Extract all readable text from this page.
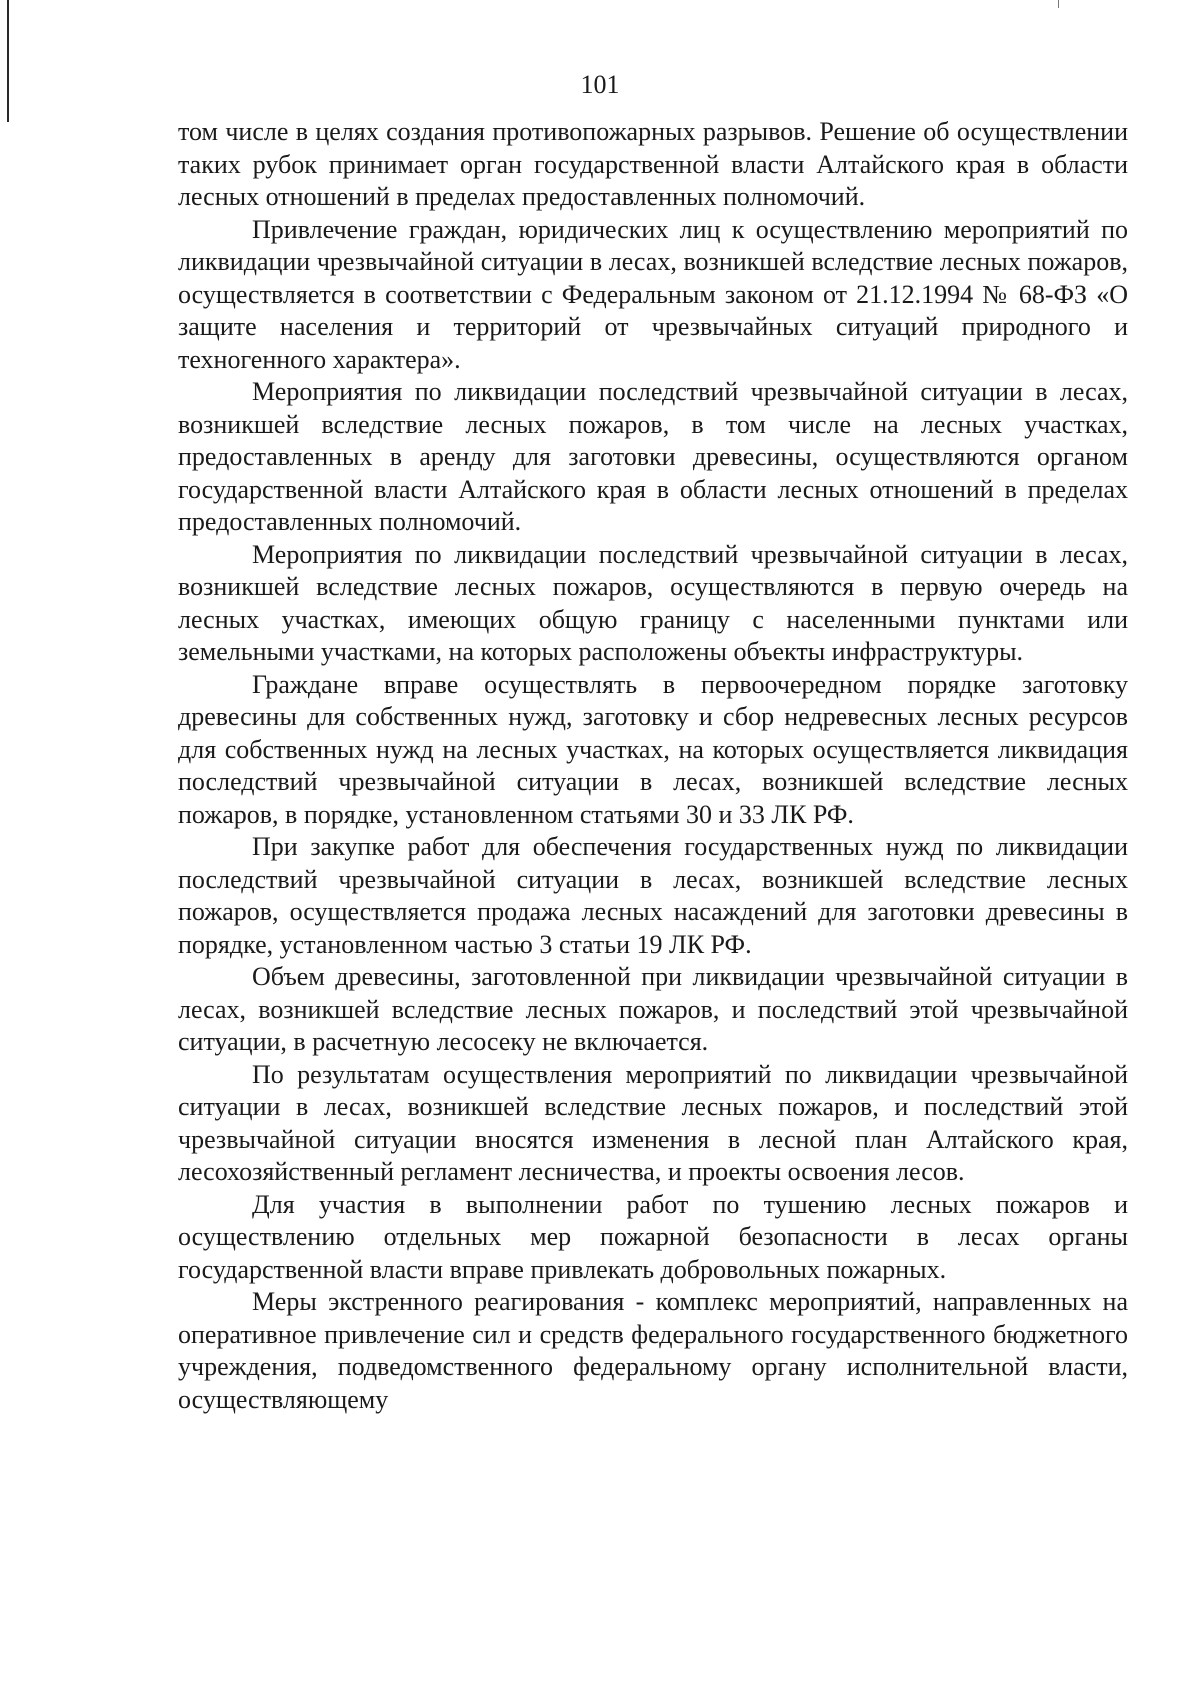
101

том числе в целях создания противопожарных разрывов. Решение об осуществлении таких рубок принимает орган государственной власти Алтайского края в области лесных отношений в пределах предоставленных полномочий.

Привлечение граждан, юридических лиц к осуществлению мероприятий по ликвидации чрезвычайной ситуации в лесах, возникшей вследствие лесных пожаров, осуществляется в соответствии с Федеральным законом от 21.12.1994 № 68-ФЗ «О защите населения и территорий от чрезвычайных ситуаций природного и техногенного характера».

Мероприятия по ликвидации последствий чрезвычайной ситуации в лесах, возникшей вследствие лесных пожаров, в том числе на лесных участках, предоставленных в аренду для заготовки древесины, осуществляются органом государственной власти Алтайского края в области лесных отношений в пределах предоставленных полномочий.

Мероприятия по ликвидации последствий чрезвычайной ситуации в лесах, возникшей вследствие лесных пожаров, осуществляются в первую очередь на лесных участках, имеющих общую границу с населенными пунктами или земельными участками, на которых расположены объекты инфраструктуры.

Граждане вправе осуществлять в первоочередном порядке заготовку древесины для собственных нужд, заготовку и сбор недревесных лесных ресурсов для собственных нужд на лесных участках, на которых осуществляется ликвидация последствий чрезвычайной ситуации в лесах, возникшей вследствие лесных пожаров, в порядке, установленном статьями 30 и 33 ЛК РФ.

При закупке работ для обеспечения государственных нужд по ликвидации последствий чрезвычайной ситуации в лесах, возникшей вследствие лесных пожаров, осуществляется продажа лесных насаждений для заготовки древесины в порядке, установленном частью 3 статьи 19 ЛК РФ.

Объем древесины, заготовленной при ликвидации чрезвычайной ситуации в лесах, возникшей вследствие лесных пожаров, и последствий этой чрезвычайной ситуации, в расчетную лесосеку не включается.

По результатам осуществления мероприятий по ликвидации чрезвычайной ситуации в лесах, возникшей вследствие лесных пожаров, и последствий этой чрезвычайной ситуации вносятся изменения в лесной план Алтайского края, лесохозяйственный регламент лесничества, и проекты освоения лесов.

Для участия в выполнении работ по тушению лесных пожаров и осуществлению отдельных мер пожарной безопасности в лесах органы государственной власти вправе привлекать добровольных пожарных.

Меры экстренного реагирования - комплекс мероприятий, направленных на оперативное привлечение сил и средств федерального государственного бюджетного учреждения, подведомственного федеральному органу исполнительной власти, осуществляющему
